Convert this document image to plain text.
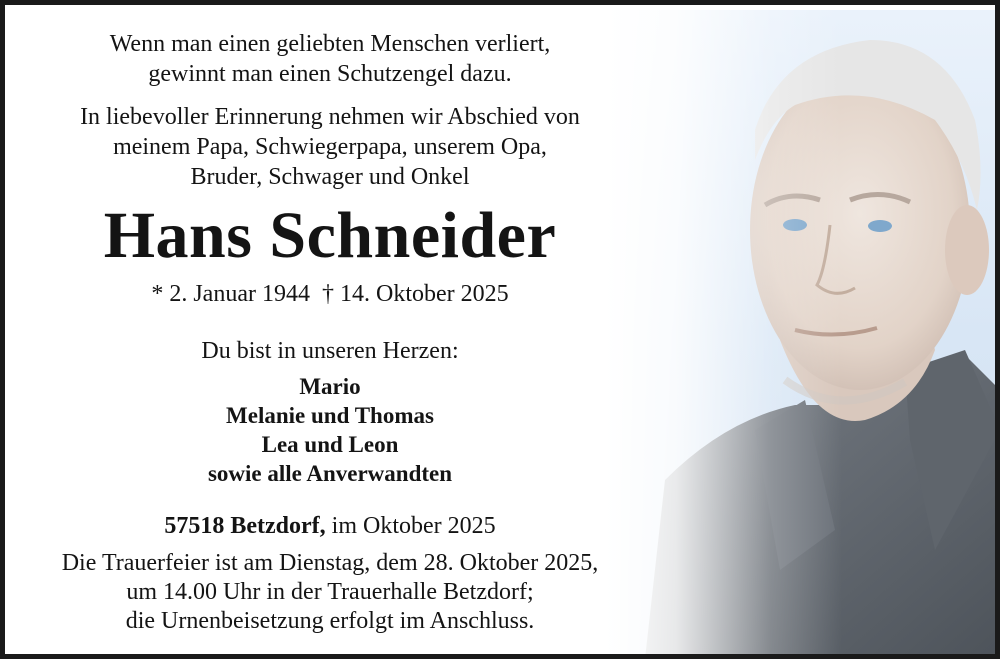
Wenn man einen geliebten Menschen verliert,
gewinnt man einen Schutzengel dazu.
In liebevoller Erinnerung nehmen wir Abschied von
meinem Papa, Schwiegerpapa, unserem Opa,
Bruder, Schwager und Onkel
Hans Schneider
* 2. Januar 1944 † 14. Oktober 2025
Du bist in unseren Herzen:
Mario
Melanie und Thomas
Lea und Leon
sowie alle Anverwandten
57518 Betzdorf, im Oktober 2025
Die Trauerfeier ist am Dienstag, dem 28. Oktober 2025,
um 14.00 Uhr in der Trauerhalle Betzdorf;
die Urnenbeisetzung erfolgt im Anschluss.
